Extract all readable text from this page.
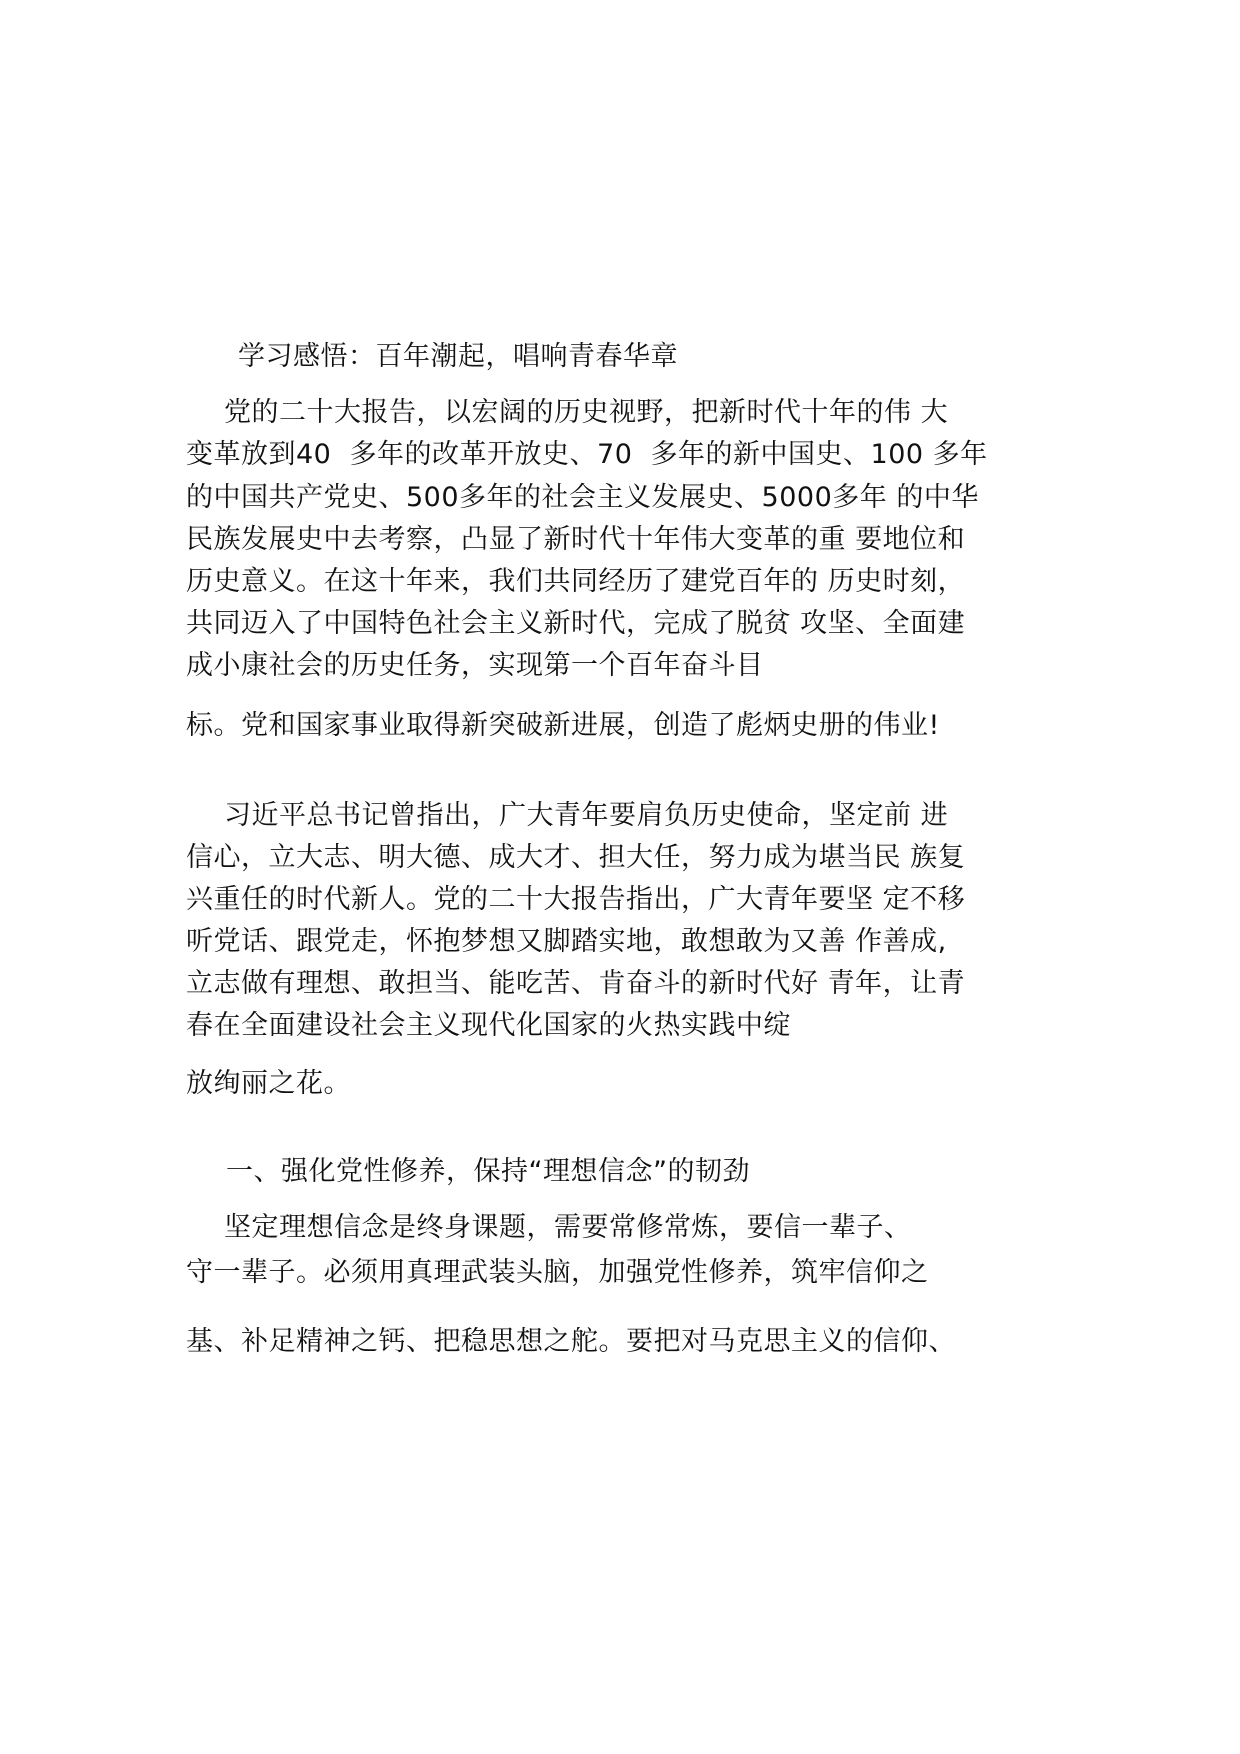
学习感悟：百年潮起，唱响青春华章
党的二十大报告，以宏阔的历史视野，把新时代十年的伟 大
变革放到40  多年的改革开放史、70  多年的新中国史、100 多年
的中国共产党史、500多年的社会主义发展史、5000多年 的中华
民族发展史中去考察，凸显了新时代十年伟大变革的重 要地位和
历史意义。在这十年来，我们共同经历了建党百年的 历史时刻，
共同迈入了中国特色社会主义新时代，完成了脱贫 攻坚、全面建
成小康社会的历史任务，实现第一个百年奋斗目
标。党和国家事业取得新突破新进展，创造了彪炳史册的伟业!
习近平总书记曾指出，广大青年要肩负历史使命，坚定前 进
信心，立大志、明大德、成大才、担大任，努力成为堪当民 族复
兴重任的时代新人。党的二十大报告指出，广大青年要坚 定不移
听党话、跟党走，怀抱梦想又脚踏实地，敢想敢为又善 作善成,
立志做有理想、敢担当、能吃苦、肯奋斗的新时代好 青年，让青
春在全面建设社会主义现代化国家的火热实践中绽
放绚丽之花。
一、强化党性修养，保持“理想信念”的韧劲
坚定理想信念是终身课题，需要常修常炼，要信一辈子、
守一辈子。必须用真理武装头脑，加强党性修养，筑牢信仰之
基、补足精神之钙、把稳思想之舵。要把对马克思主义的信仰、
